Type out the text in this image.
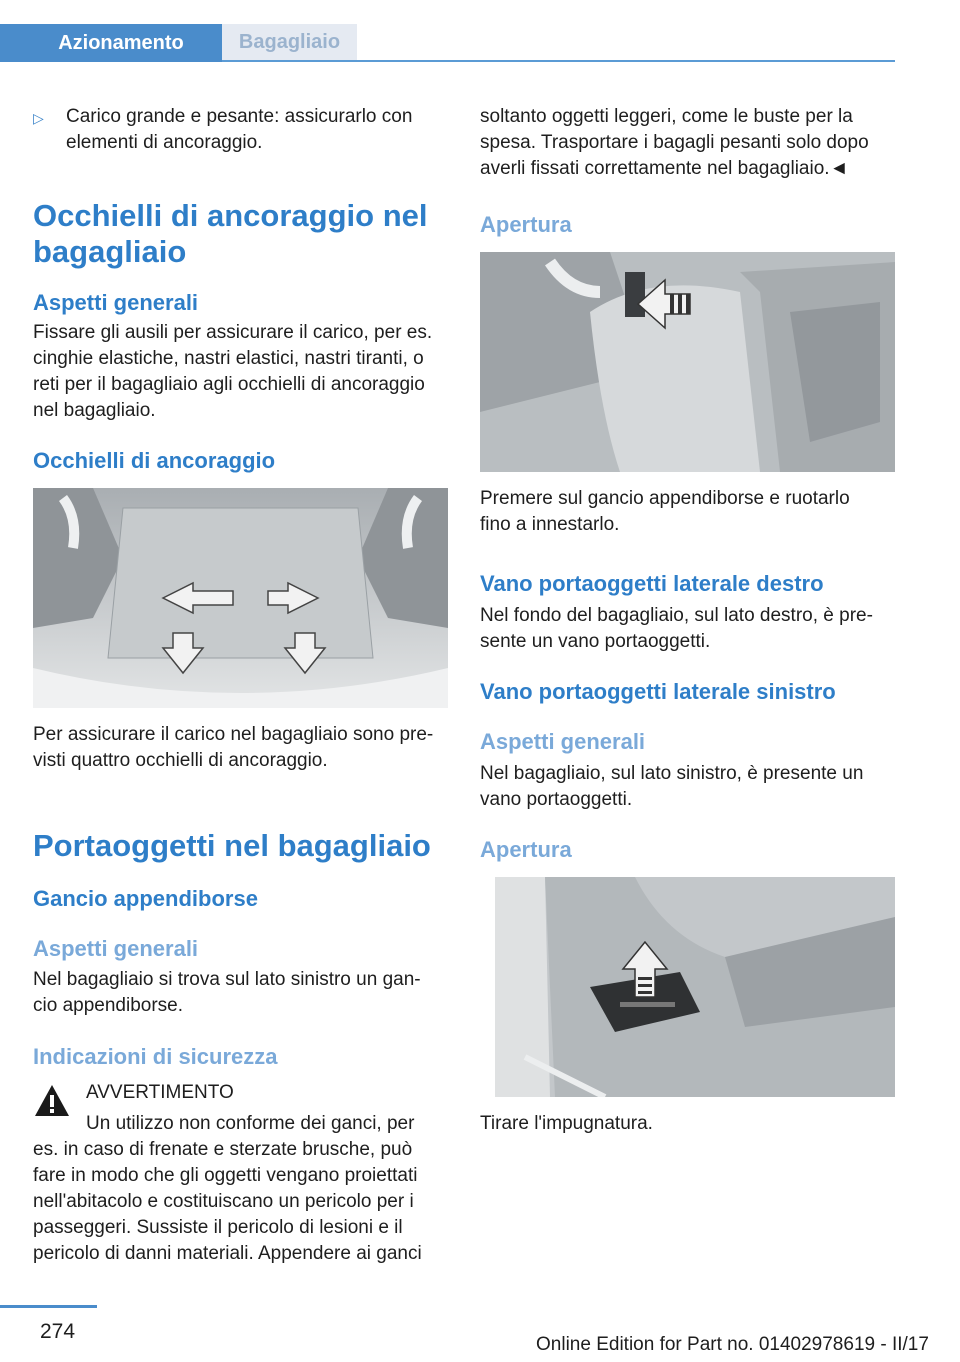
Azionamento	Bagagliaio
▷ Carico grande e pesante: assicurarlo con

elementi di ancoraggio.

Occhielli di ancoraggio nel
bagagliaio
Aspetti generali

Fissare gli ausili per assicurare il carico, per es.

cinghie elastiche, nastri elastici, nastri tiranti, o

reti per il bagagliaio agli occhielli di ancoraggio

nel bagagliaio.

Occhielli di ancoraggio

Per assicurare il carico nel bagagliaio sono pre‐

visti quattro occhielli di ancoraggio.

Portaoggetti nel bagagliaio
Gancio appendiborse
Aspetti generali

Nel bagagliaio si trova sul lato sinistro un gan‐

cio appendiborse.

Indicazioni di sicurezza

AVVERTIMENTO

Un utilizzo non conforme dei ganci, per

es. in caso di frenate e sterzate brusche, può

fare in modo che gli oggetti vengano proiettati

nell'abitacolo e costituiscano un pericolo per i

passeggeri. Sussiste il pericolo di lesioni e il

pericolo di danni materiali. Appendere ai ganci

soltanto oggetti leggeri, come le buste per la

spesa. Trasportare i bagagli pesanti solo dopo

averli fissati correttamente nel bagagliaio.◄

Apertura

Premere sul gancio appendiborse e ruotarlo

fino a innestarlo.

Vano portaoggetti laterale destro

Nel fondo del bagagliaio, sul lato destro, è pre‐

sente un vano portaoggetti.

Vano portaoggetti laterale sinistro
Aspetti generali

Nel bagagliaio, sul lato sinistro, è presente un

vano portaoggetti.

Apertura

Tirare l'impugnatura.

274
Online Edition for Part no. 01402978619 - II/17
